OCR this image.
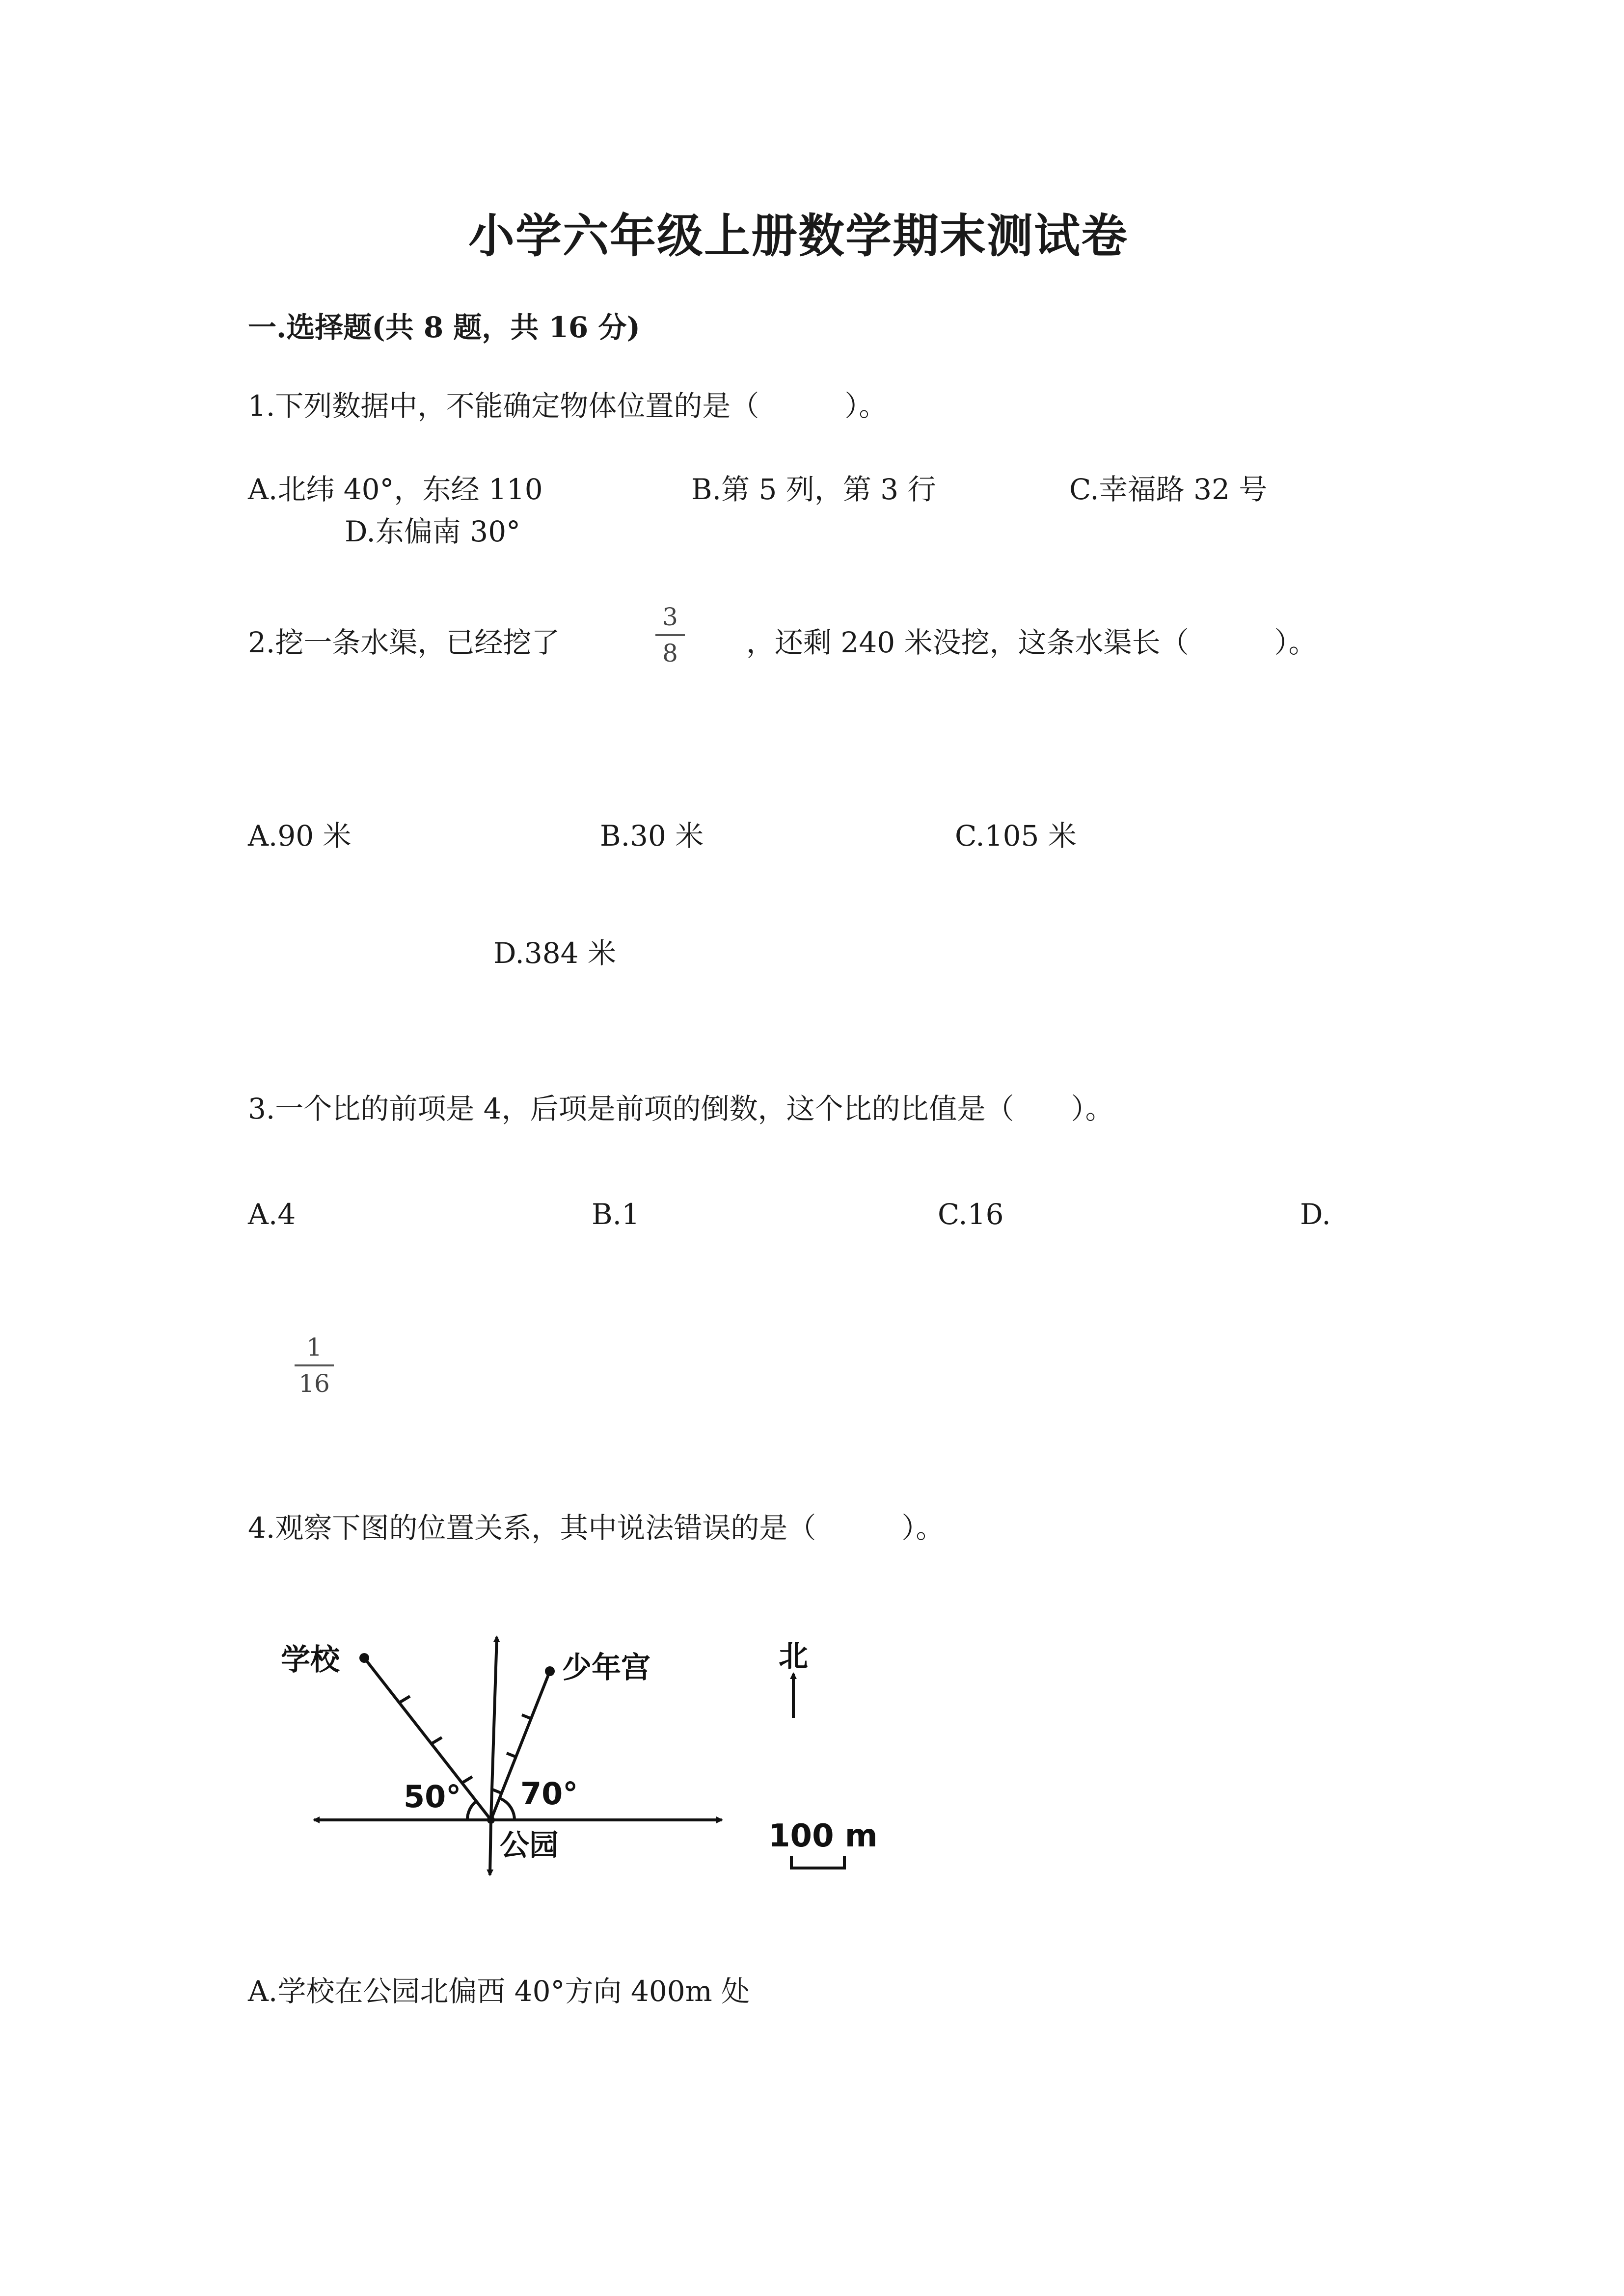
小学六年级上册数学期末测试卷
一.选择题(共 8 题，共 16 分)
1.下列数据中，不能确定物体位置的是（　　　）。
A.北纬 40°，东经 110	B.第 5 列，第 3 行	C.幸福路 32 号
D.东偏南 30°
2.挖一条水渠，已经挖了
3
8 ，还剩 240 米没挖，这条水渠长（　　　）。
A.90 米	B.30 米	C.105 米
D.384 米
3.一个比的前项是 4，后项是前项的倒数，这个比的比值是（　　）。
A.4	B.1	C.16	D.
1
16
4.观察下图的位置关系，其中说法错误的是（　　　）。
学校	少年宫	北
公园
50° 70°
100 m
A.学校在公园北偏西 40°方向 400m 处
